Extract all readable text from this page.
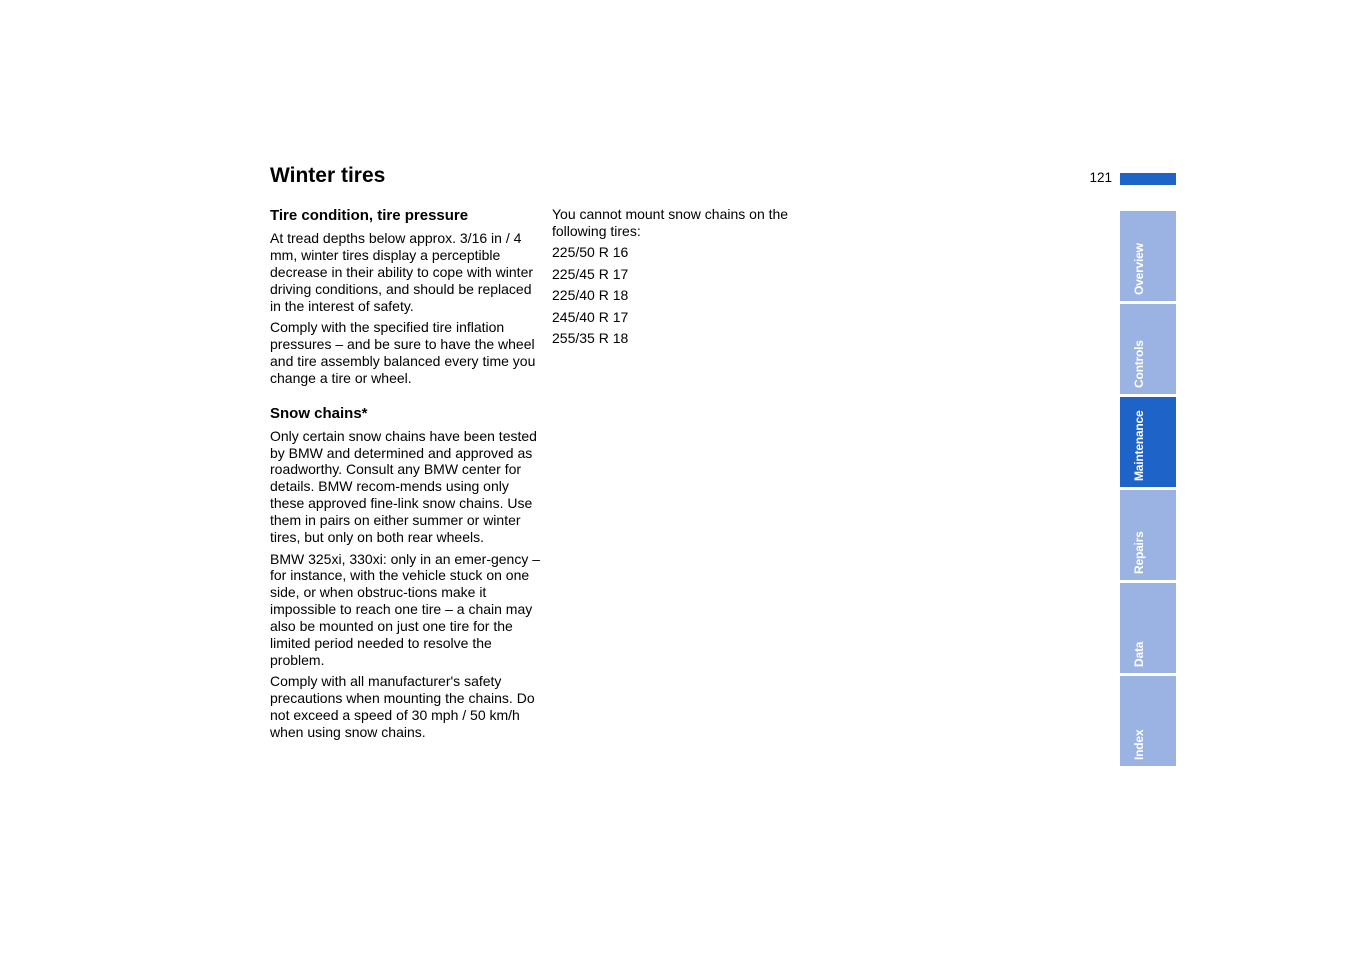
Winter tires	121
Tire condition, tire pressure

At tread depths below approx. 3/16 in / 4 mm, winter tires display a perceptible decrease in their ability to cope with winter driving conditions, and should be replaced in the interest of safety.

Comply with the specified tire inflation pressures – and be sure to have the wheel and tire assembly balanced every time you change a tire or wheel.

Snow chains*

Only certain snow chains have been tested by BMW and determined and approved as roadworthy. Consult any BMW center for details. BMW recom-mends using only these approved fine-link snow chains. Use them in pairs on either summer or winter tires, but only on both rear wheels.

BMW 325xi, 330xi: only in an emer-gency – for instance, with the vehicle stuck on one side, or when obstruc-tions make it impossible to reach one tire – a chain may also be mounted on just one tire for the limited period needed to resolve the problem.

Comply with all manufacturer's safety precautions when mounting the chains. Do not exceed a speed of 30 mph / 50 km/h when using snow chains.

You cannot mount snow chains on the following tires:

225/50 R 16
225/45 R 17
225/40 R 18
245/40 R 17
255/35 R 18
Overview
Controls
Maintenance
Repairs
Data
Index
